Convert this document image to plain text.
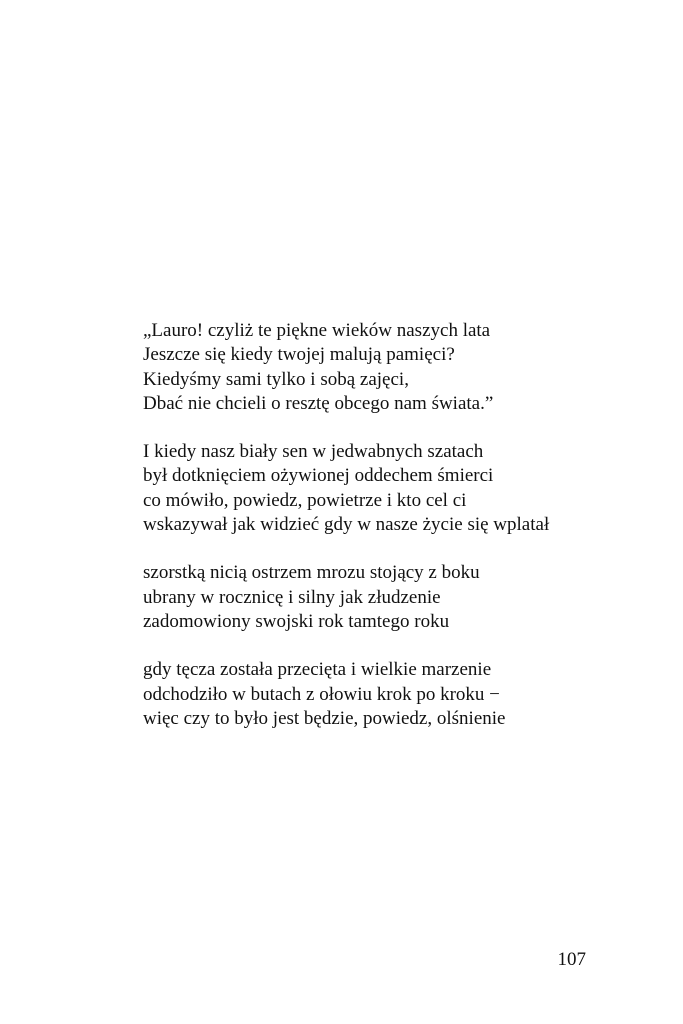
„Lauro! czyliż te piękne wieków naszych lata
Jeszcze się kiedy twojej malują pamięci?
Kiedyśmy sami tylko i sobą zajęci,
Dbać nie chcieli o resztę obcego nam świata.”
I kiedy nasz biały sen w jedwabnych szatach
był dotknięciem ożywionej oddechem śmierci
co mówiło, powiedz, powietrze i kto cel ci
wskazywał jak widzieć gdy w nasze życie się wplatał
szorstką nicią ostrzem mrozu stojący z boku
ubrany w rocznicę i silny jak złudzenie
zadomowiony swojski rok tamtego roku
gdy tęcza została przecięta i wielkie marzenie
odchodziło w butach z ołowiu krok po kroku −
więc czy to było jest będzie, powiedz, olśnienie
107
